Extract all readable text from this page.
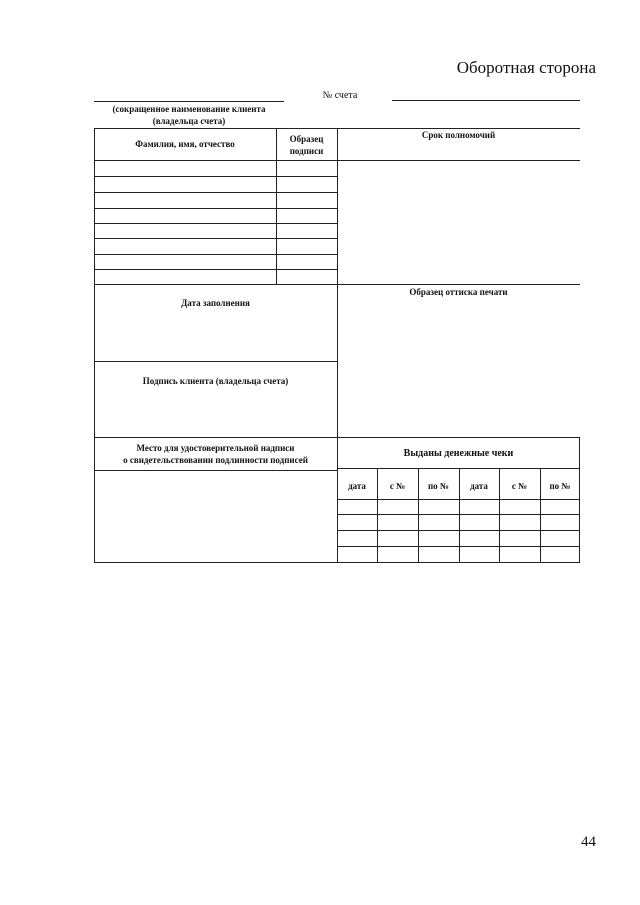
Оборотная сторона
№ счета
(сокращенное наименование клиента
(владельца счета)
Фамилия, имя, отчество	Образец
подписи
Срок полномочий
Дата заполнения
Образец оттиска печати
Подпись клиента (владельца счета)
Место для удостоверительной надписи
о свидетельствовании подлинности подписей
Выданы денежные чеки
дата	с №	по №	дата	с №	по №
44
